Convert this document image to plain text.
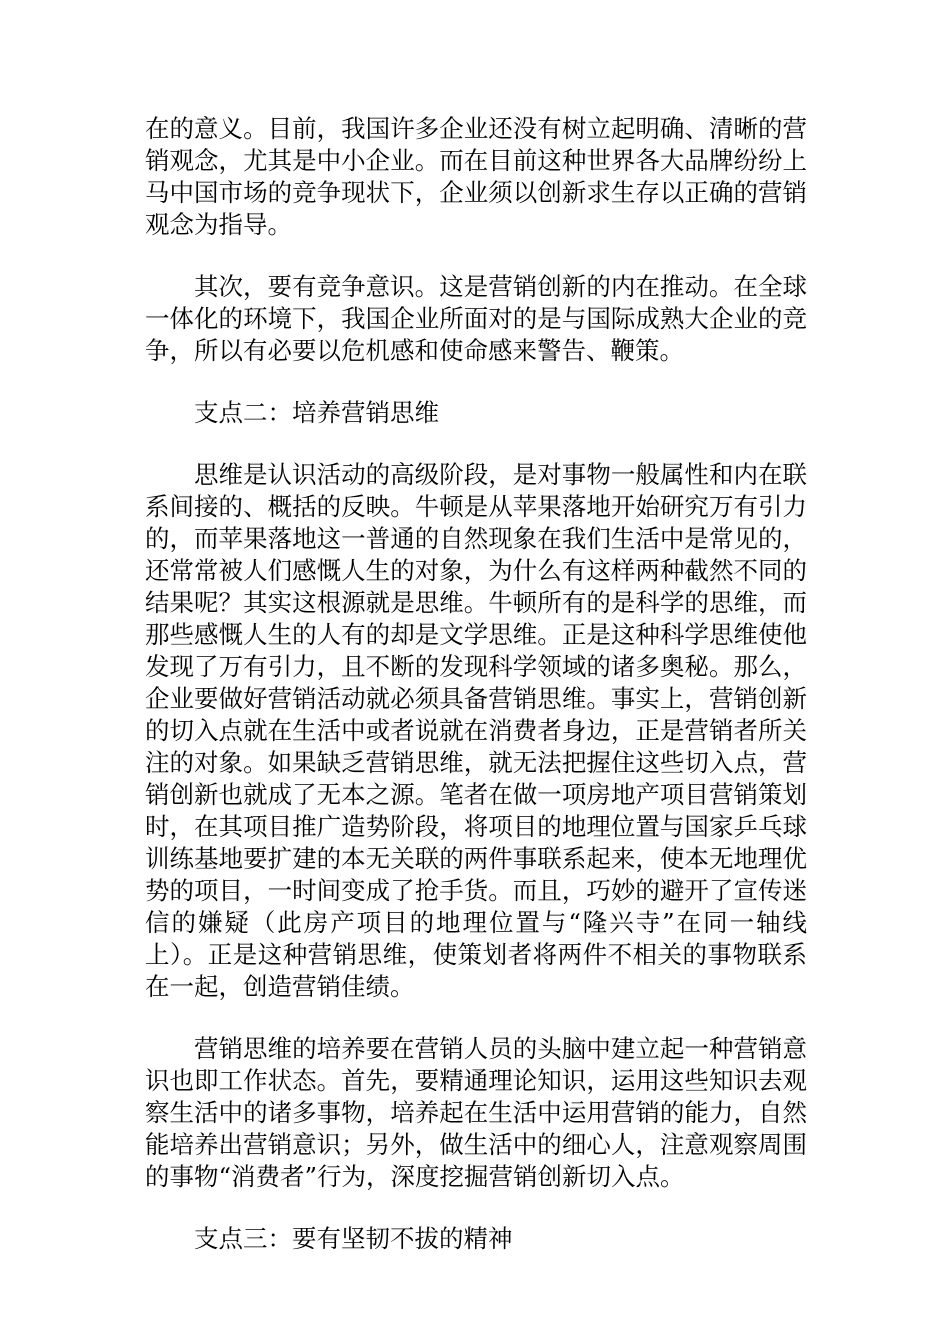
在的意义。目前，我国许多企业还没有树立起明确、清晰的营销观念，尤其是中小企业。而在目前这种世界各大品牌纷纷上马中国市场的竞争现状下，企业须以创新求生存以正确的营销观念为指导。

其次，要有竞争意识。这是营销创新的内在推动。在全球一体化的环境下，我国企业所面对的是与国际成熟大企业的竞争，所以有必要以危机感和使命感来警告、鞭策。

支点二：培养营销思维

思维是认识活动的高级阶段，是对事物一般属性和内在联系间接的、概括的反映。牛顿是从苹果落地开始研究万有引力的，而苹果落地这一普通的自然现象在我们生活中是常见的，还常常被人们感慨人生的对象，为什么有这样两种截然不同的结果呢？其实这根源就是思维。牛顿所有的是科学的思维，而那些感慨人生的人有的却是文学思维。正是这种科学思维使他发现了万有引力，且不断的发现科学领域的诸多奥秘。那么，企业要做好营销活动就必须具备营销思维。事实上，营销创新的切入点就在生活中或者说就在消费者身边，正是营销者所关注的对象。如果缺乏营销思维，就无法把握住这些切入点，营销创新也就成了无本之源。笔者在做一项房地产项目营销策划时，在其项目推广造势阶段，将项目的地理位置与国家乒乓球训练基地要扩建的本无关联的两件事联系起来，使本无地理优势的项目，一时间变成了抢手货。而且，巧妙的避开了宣传迷信的嫌疑（此房产项目的地理位置与“隆兴寺”在同一轴线上）。正是这种营销思维，使策划者将两件不相关的事物联系在一起，创造营销佳绩。

营销思维的培养要在营销人员的头脑中建立起一种营销意识也即工作状态。首先，要精通理论知识，运用这些知识去观察生活中的诸多事物，培养起在生活中运用营销的能力，自然能培养出营销意识；另外，做生活中的细心人，注意观察周围的事物“消费者”行为，深度挖掘营销创新切入点。

支点三：要有坚韧不拔的精神
